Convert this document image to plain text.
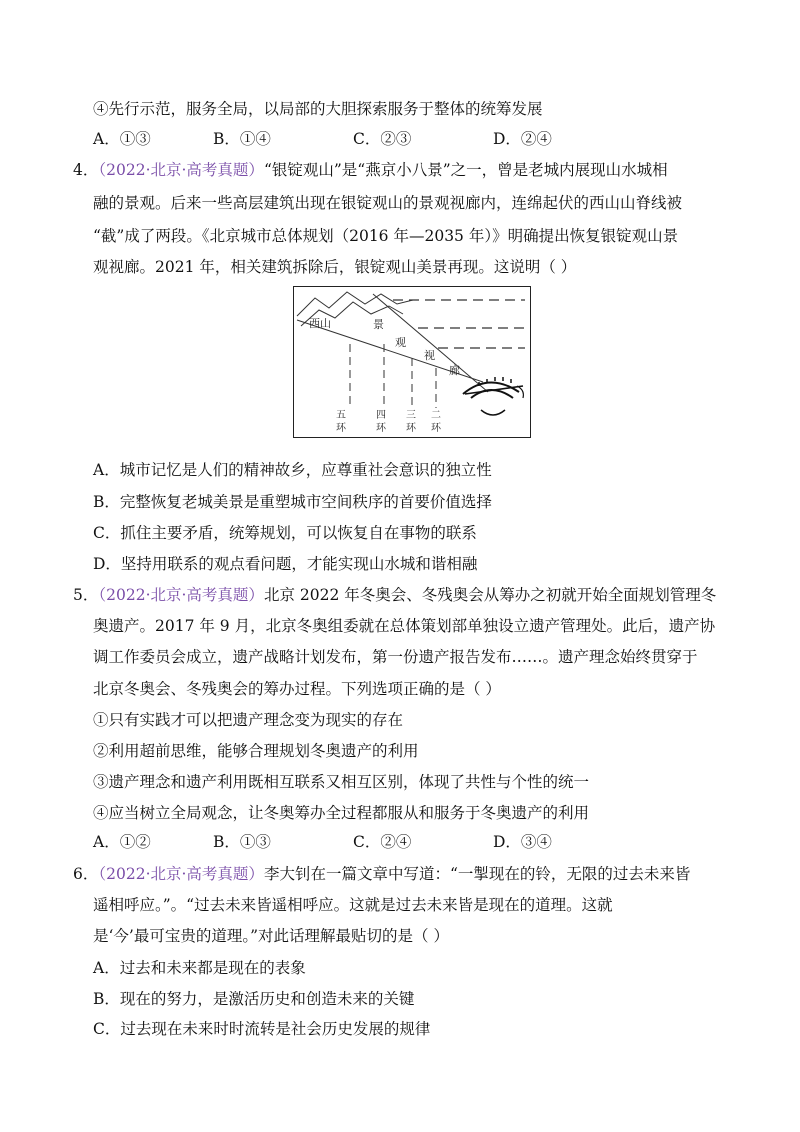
④先行示范，服务全局，以局部的大胆探索服务于整体的统筹发展
A．①③	B．①④	C．②③	D．②④
4．（2022·北京·高考真题）“银锭观山”是“燕京小八景”之一，曾是老城内展现山水城相
融的景观。后来一些高层建筑出现在银锭观山的景观视廊内，连绵起伏的西山山脊线被
“截”成了两段。《北京城市总体规划（2016 年—2035 年）》明确提出恢复银锭观山景
观视廊。2021 年，相关建筑拆除后，银锭观山美景再现。这说明（ ）
西山	景
观
视
廊
五
环
四
环
三
环
二
环
A．城市记忆是人们的精神故乡，应尊重社会意识的独立性
B．完整恢复老城美景是重塑城市空间秩序的首要价值选择
C．抓住主要矛盾，统筹规划，可以恢复自在事物的联系
D．坚持用联系的观点看问题，才能实现山水城和谐相融
5．（2022·北京·高考真题）北京 2022 年冬奥会、冬残奥会从筹办之初就开始全面规划管理冬
奥遗产。2017 年 9 月，北京冬奥组委就在总体策划部单独设立遗产管理处。此后，遗产协
调工作委员会成立，遗产战略计划发布，第一份遗产报告发布……。遗产理念始终贯穿于
北京冬奥会、冬残奥会的筹办过程。下列选项正确的是（ ）
①只有实践才可以把遗产理念变为现实的存在
②利用超前思维，能够合理规划冬奥遗产的利用
③遗产理念和遗产利用既相互联系又相互区别，体现了共性与个性的统一
④应当树立全局观念，让冬奥筹办全过程都服从和服务于冬奥遗产的利用
A．①②	B．①③	C．②④	D．③④
6．（2022·北京·高考真题）李大钊在一篇文章中写道：“一掣现在的铃，无限的过去未来皆
遥相呼应。”。“过去未来皆遥相呼应。这就是过去未来皆是现在的道理。这就
是‘今’最可宝贵的道理。”对此话理解最贴切的是（ ）
A．过去和未来都是现在的表象
B．现在的努力，是激活历史和创造未来的关键
C．过去现在未来时时流转是社会历史发展的规律
